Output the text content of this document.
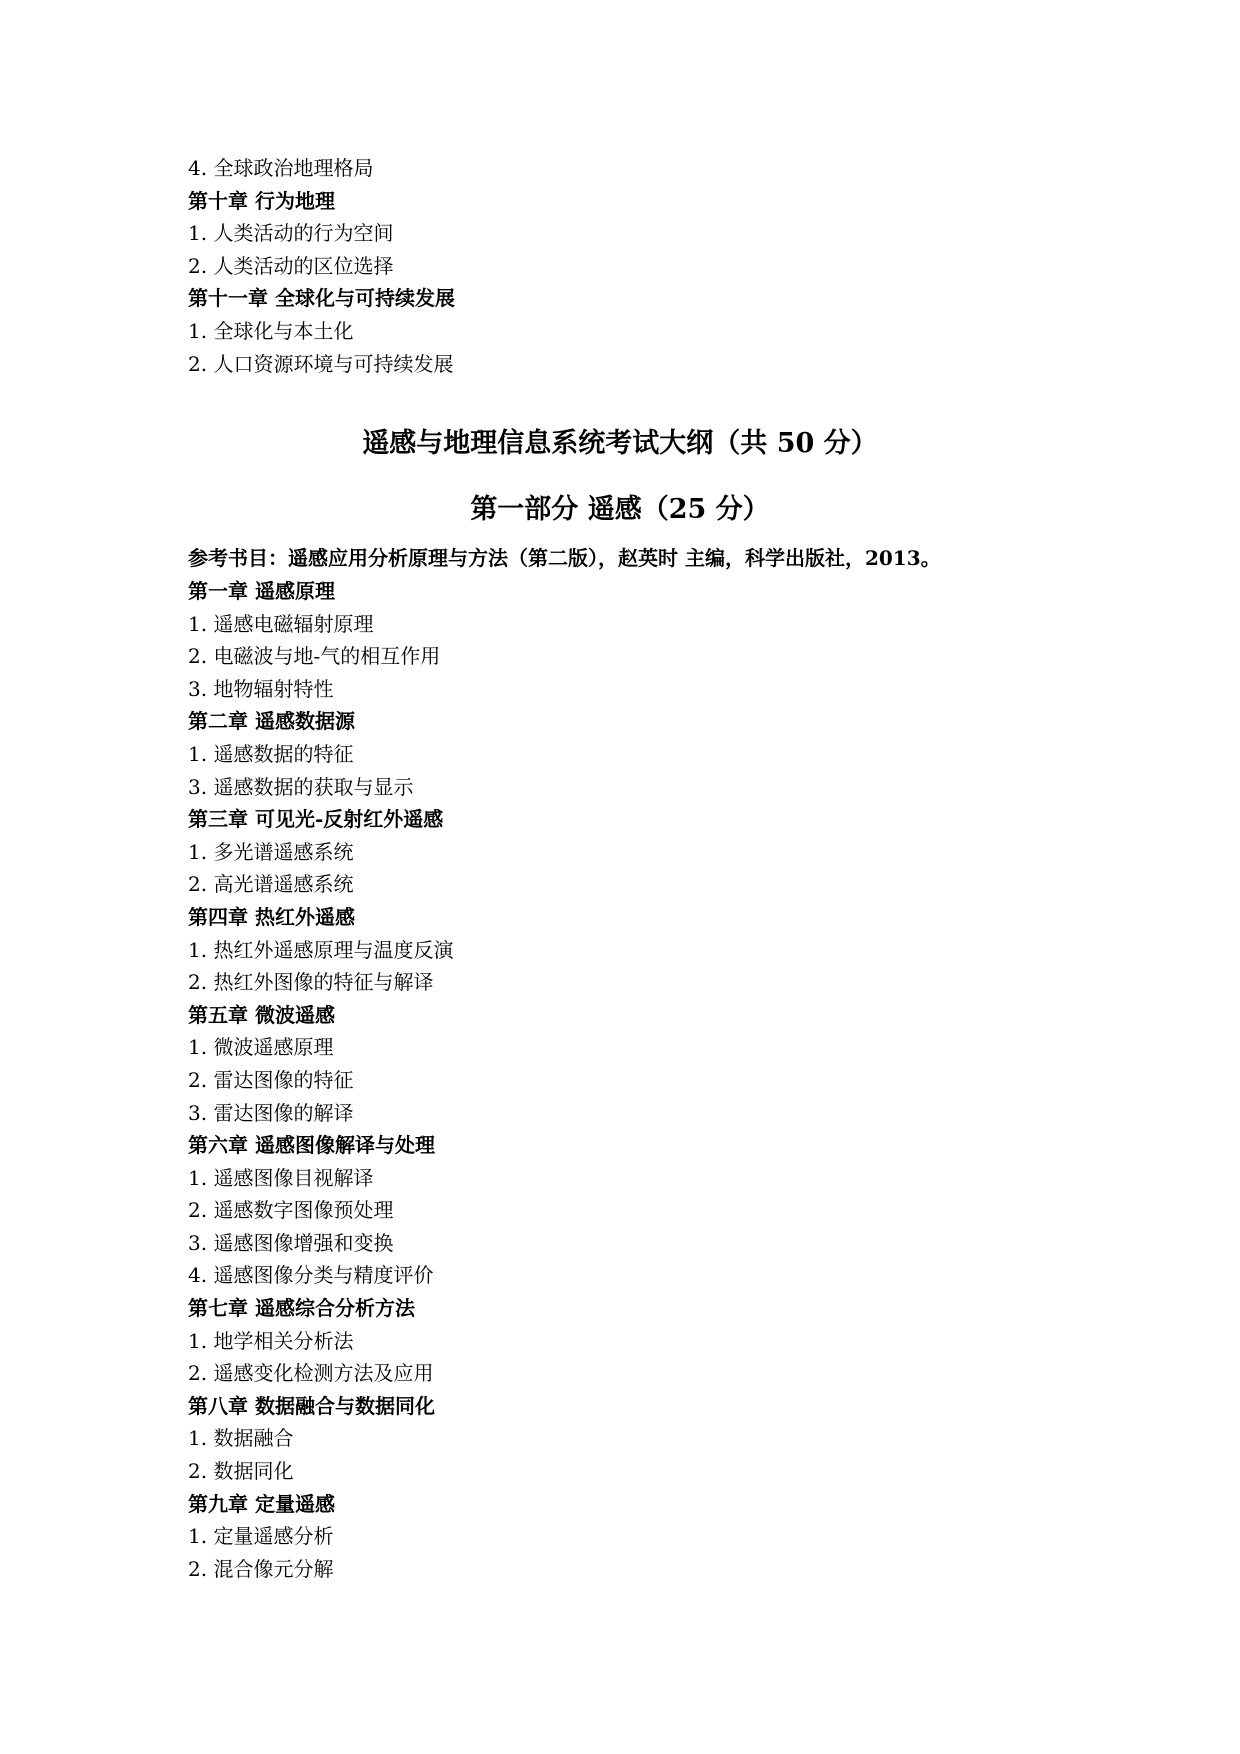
4. 全球政治地理格局
第十章 行为地理
1. 人类活动的行为空间
2. 人类活动的区位选择
第十一章 全球化与可持续发展
1. 全球化与本土化
2. 人口资源环境与可持续发展
遥感与地理信息系统考试大纲（共 50 分）
第一部分 遥感（25 分）
参考书目：遥感应用分析原理与方法（第二版），赵英时 主编，科学出版社，2013。
第一章 遥感原理
1. 遥感电磁辐射原理
2. 电磁波与地-气的相互作用
3. 地物辐射特性
第二章 遥感数据源
1. 遥感数据的特征
3. 遥感数据的获取与显示
第三章 可见光-反射红外遥感
1. 多光谱遥感系统
2. 高光谱遥感系统
第四章 热红外遥感
1. 热红外遥感原理与温度反演
2. 热红外图像的特征与解译
第五章 微波遥感
1. 微波遥感原理
2. 雷达图像的特征
3. 雷达图像的解译
第六章 遥感图像解译与处理
1. 遥感图像目视解译
2. 遥感数字图像预处理
3. 遥感图像增强和变换
4. 遥感图像分类与精度评价
第七章 遥感综合分析方法
1. 地学相关分析法
2. 遥感变化检测方法及应用
第八章 数据融合与数据同化
1. 数据融合
2. 数据同化
第九章 定量遥感
1. 定量遥感分析
2. 混合像元分解
